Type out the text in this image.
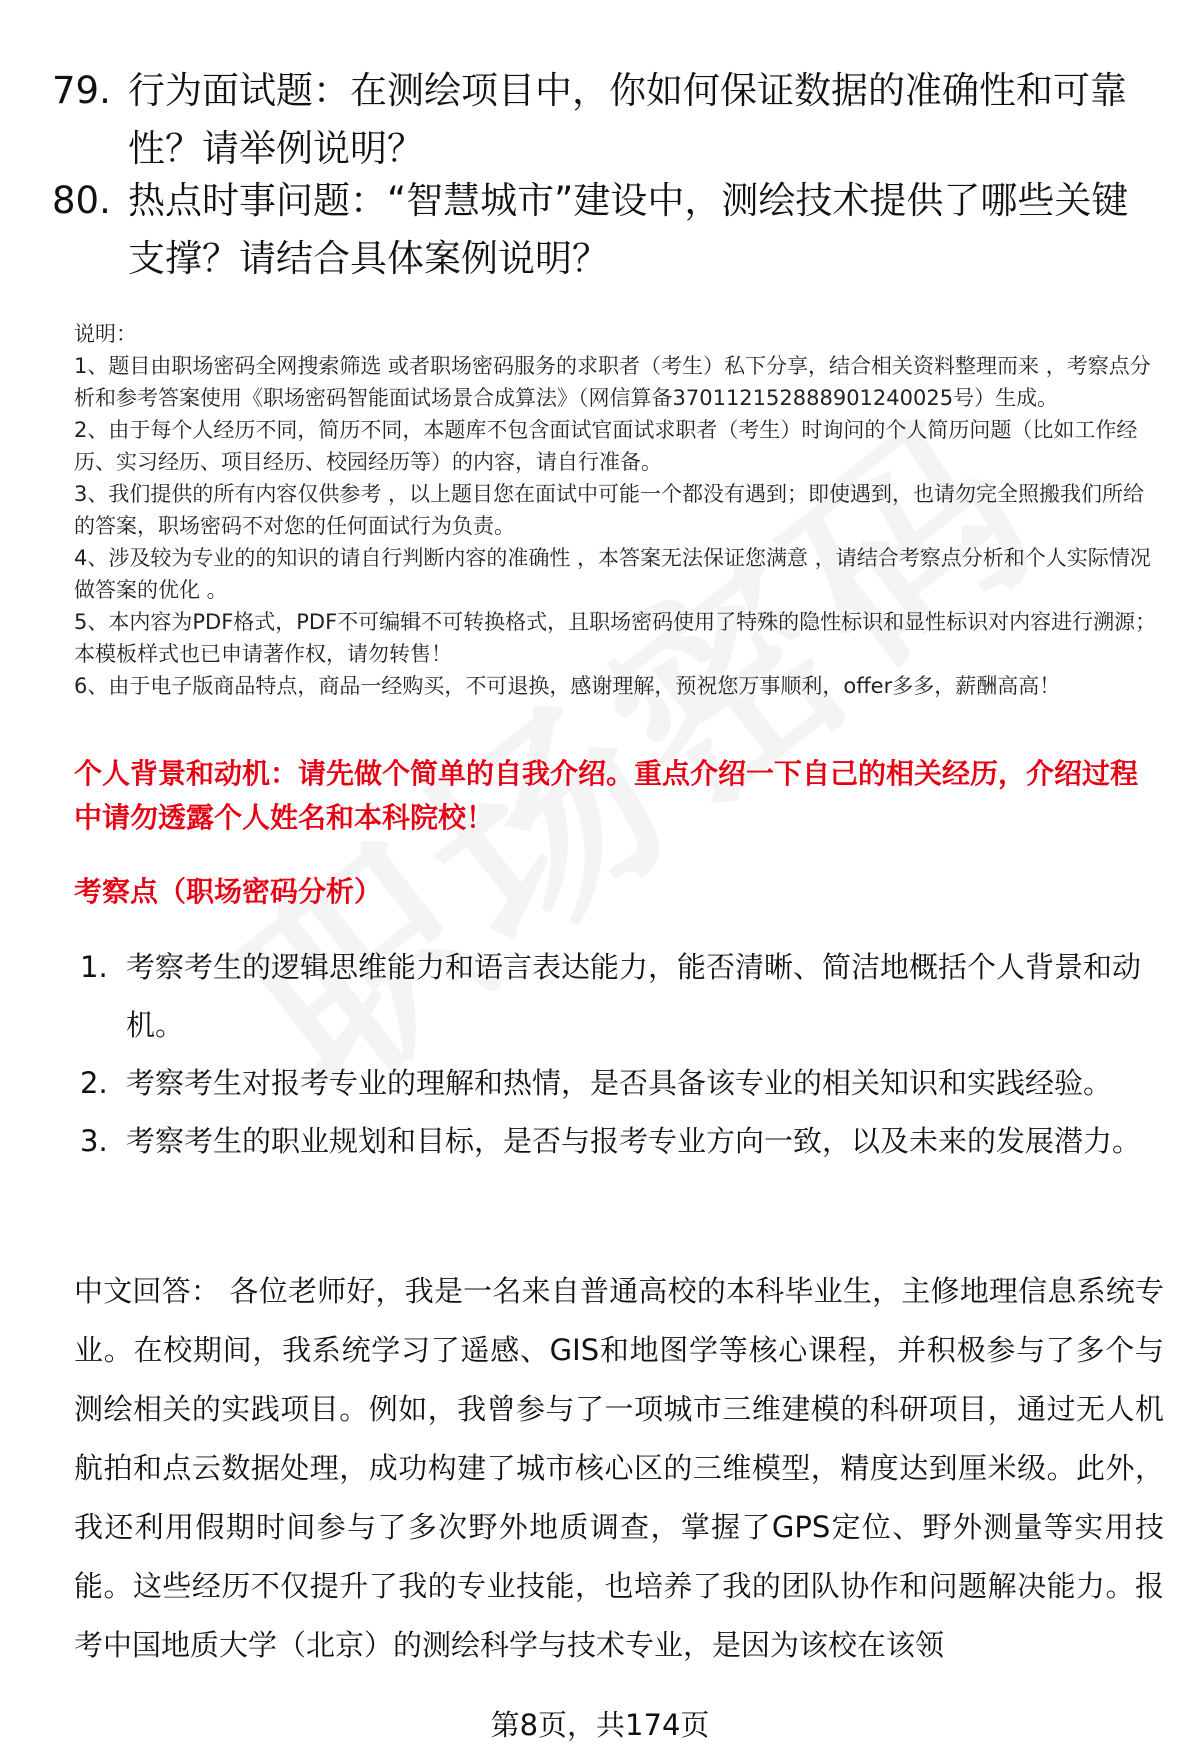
79. 行为面试题：在测绘项目中，你如何保证数据的准确性和可靠性？请举例说明？
80. 热点时事问题：“智慧城市”建设中，测绘技术提供了哪些关键支撑？请结合具体案例说明？

说明：

1、题目由职场密码全网搜索筛选 或者职场密码服务的求职者（考生）私下分享，结合相关资料整理而来 ，考察点分析和参考答案使用《职场密码智能面试场景合成算法》（网信算备370112152888901240025号）生成。

2、由于每个人经历不同，简历不同，本题库不包含面试官面试求职者（考生）时询问的个人简历问题（比如工作经历、实习经历、项目经历、校园经历等）的内容，请自行准备。

3、我们提供的所有内容仅供参考 ，以上题目您在面试中可能一个都没有遇到；即使遇到，也请勿完全照搬我们所给的答案，职场密码不对您的任何面试行为负责。

4、涉及较为专业的的知识的请自行判断内容的准确性 ，本答案无法保证您满意 ，请结合考察点分析和个人实际情况做答案的优化 。

5、本内容为PDF格式，PDF不可编辑不可转换格式，且职场密码使用了特殊的隐性标识和显性标识对内容进行溯源；本模板样式也已申请著作权，请勿转售！

6、由于电子版商品特点，商品一经购买，不可退换，感谢理解，预祝您万事顺利，offer多多，薪酬高高！

个人背景和动机：请先做个简单的自我介绍。重点介绍一下自己的相关经历，介绍过程中请勿透露个人姓名和本科院校！
考察点（职场密码分析）
1. 考察考生的逻辑思维能力和语言表达能力，能否清晰、简洁地概括个人背景和动机。
2. 考察考生对报考专业的理解和热情，是否具备该专业的相关知识和实践经验。
3. 考察考生的职业规划和目标，是否与报考专业方向一致，以及未来的发展潜力。
中文回答： 各位老师好，我是一名来自普通高校的本科毕业生，主修地理信息系统专业。在校期间，我系统学习了遥感、GIS和地图学等核心课程，并积极参与了多个与测绘相关的实践项目。例如，我曾参与了一项城市三维建模的科研项目，通过无人机航拍和点云数据处理，成功构建了城市核心区的三维模型，精度达到厘米级。此外，我还利用假期时间参与了多次野外地质调查，掌握了GPS定位、野外测量等实用技能。这些经历不仅提升了我的专业技能，也培养了我的团队协作和问题解决能力。报考中国地质大学（北京）的测绘科学与技术专业，是因为该校在该领
第8页，共174页
